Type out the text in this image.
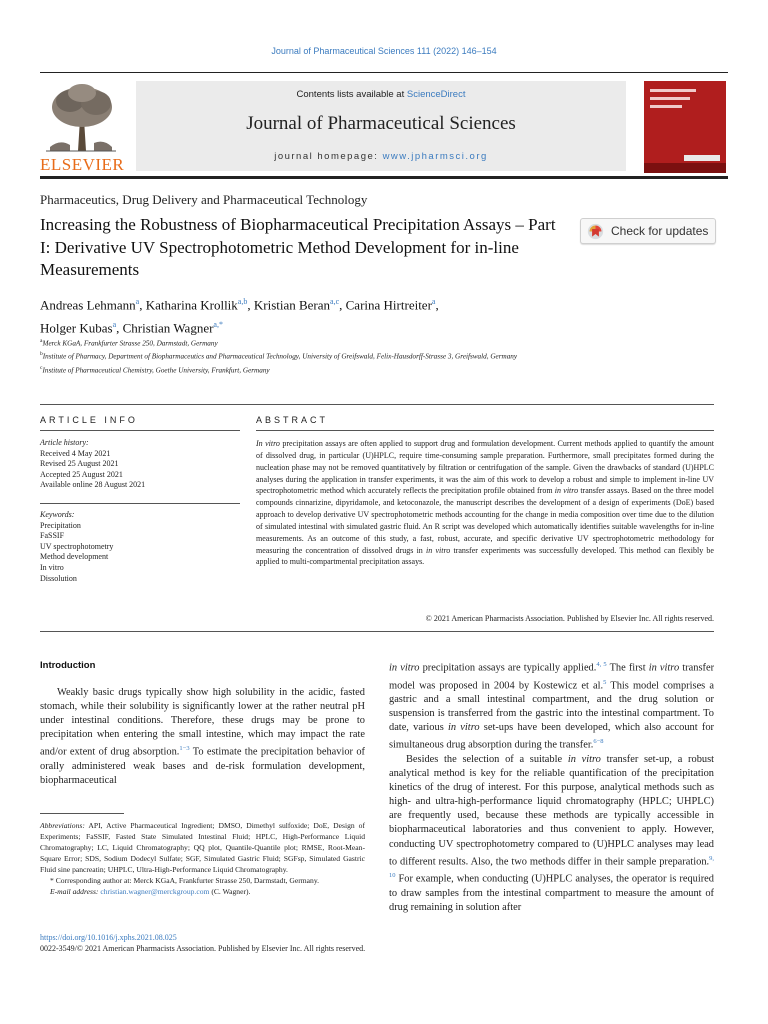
Journal of Pharmaceutical Sciences 111 (2022) 146–154
ELSEVIER
Contents lists available at ScienceDirect
Journal of Pharmaceutical Sciences
journal homepage: www.jpharmsci.org
Pharmaceutics, Drug Delivery and Pharmaceutical Technology
Increasing the Robustness of Biopharmaceutical Precipitation Assays – Part I: Derivative UV Spectrophotometric Method Development for in-line Measurements
Check for updates
Andreas Lehmann$^a$, Katharina Krollik$^{a,b}$, Kristian Beran$^{a,c}$, Carina Hirtreiter$^a$,
Holger Kubas$^a$, Christian Wagner$^{a,*}$
$^a$Merck KGaA, Frankfurter Strasse 250, Darmstadt, Germany
$^b$Institute of Pharmacy, Department of Biopharmaceutics and Pharmaceutical Technology, University of Greifswald, Felix-Hausdorff-Strasse 3, Greifswald, Germany
$^c$Institute of Pharmaceutical Chemistry, Goethe University, Frankfurt, Germany
ARTICLE INFO	ABSTRACT
Article history:
Received 4 May 2021
Revised 25 August 2021
Accepted 25 August 2021
Available online 28 August 2021
Keywords:
Precipitation
FaSSIF
UV spectrophotometry
Method development
In vitro
Dissolution
In vitro precipitation assays are often applied to support drug and formulation development. Current methods applied to quantify the amount of dissolved drug, in particular (U)HPLC, require time-consuming sample preparation. Furthermore, small precipitates formed during the nucleation phase may not be removed quantitatively by filtration or centrifugation of the sample. Given the drawbacks of standard (U)HPLC analyses during the application in transfer experiments, it was the aim of this work to develop a robust and simple to implement in-line UV spectrophotometric method which accurately reflects the precipitation profile obtained from in vitro transfer assays. Based on the three model compounds cinnarizine, dipyridamole, and ketoconazole, the manuscript describes the development of a design of experiments (DoE) based approach to develop derivative UV spectrophotometric methods accounting for the change in media composition over time due to the dilution of simulated intestinal with simulated gastric fluid. An R script was developed which automatically identifies suitable wavelengths for in-line measurements. As an outcome of this study, a fast, robust, accurate, and specific derivative UV spectrophotometric methodology for measuring the concentration of dissolved drugs in in vitro transfer experiments was successfully developed. This method can flexibly be applied to multi-compartmental precipitation assays.
© 2021 American Pharmacists Association. Published by Elsevier Inc. All rights reserved.
Introduction
Weakly basic drugs typically show high solubility in the acidic, fasted stomach, while their solubility is significantly lower at the rather neutral pH under intestinal conditions. Therefore, these drugs may be prone to precipitation when entering the small intestine, which may impact the rate and/or extent of drug absorption.$^{1-3}$ To estimate the precipitation behavior of orally administered weak bases and de-risk formulation development, biopharmaceutical

in vitro precipitation assays are typically applied.$^{4, 5}$ The first in vitro transfer model was proposed in 2004 by Kostewicz et al.$^5$ This model comprises a gastric and a small intestinal compartment, and the drug solution or suspension is transferred from the gastric into the intestinal compartment. To date, various in vitro set-ups have been developed, which also account for simultaneous drug absorption during the transfer.$^{6-8}$

Besides the selection of a suitable in vitro transfer set-up, a robust analytical method is key for the reliable quantification of the precipitation kinetics of the drug of interest. For this purpose, analytical methods such as high- and ultra-high-performance liquid chromatography (HPLC; UHPLC) are frequently used, because these methods are typically accessible in biopharmaceutical laboratories and thus convenient to apply. However, conducting UV spectrophotometry compared to (U)HPLC analyses may lead to different results. Also, the two methods differ in their sample preparation.$^{9, 10}$ For example, when conducting (U)HPLC analyses, the operator is required to draw samples from the intestinal compartment to measure the amount of drug remaining in solution after

Abbreviations: API, Active Pharmaceutical Ingredient; DMSO, Dimethyl sulfoxide; DoE, Design of Experiments; FaSSIF, Fasted State Simulated Intestinal Fluid; HPLC, High-Performance Liquid Chromatography; LC, Liquid Chromatography; QQ plot, Quantile-Quantile plot; RMSE, Root-Mean-Square Error; SDS, Sodium Dodecyl Sulfate; SGF, Simulated Gastric Fluid; SGFsp, Simulated Gastric Fluid sine pancreatin; UHPLC, Ultra-High-Performance Liquid Chromatography.
* Corresponding author at: Merck KGaA, Frankfurter Strasse 250, Darmstadt, Germany.
E-mail address: christian.wagner@merckgroup.com (C. Wagner).
https://doi.org/10.1016/j.xphs.2021.08.025
0022-3549/© 2021 American Pharmacists Association. Published by Elsevier Inc. All rights reserved.
